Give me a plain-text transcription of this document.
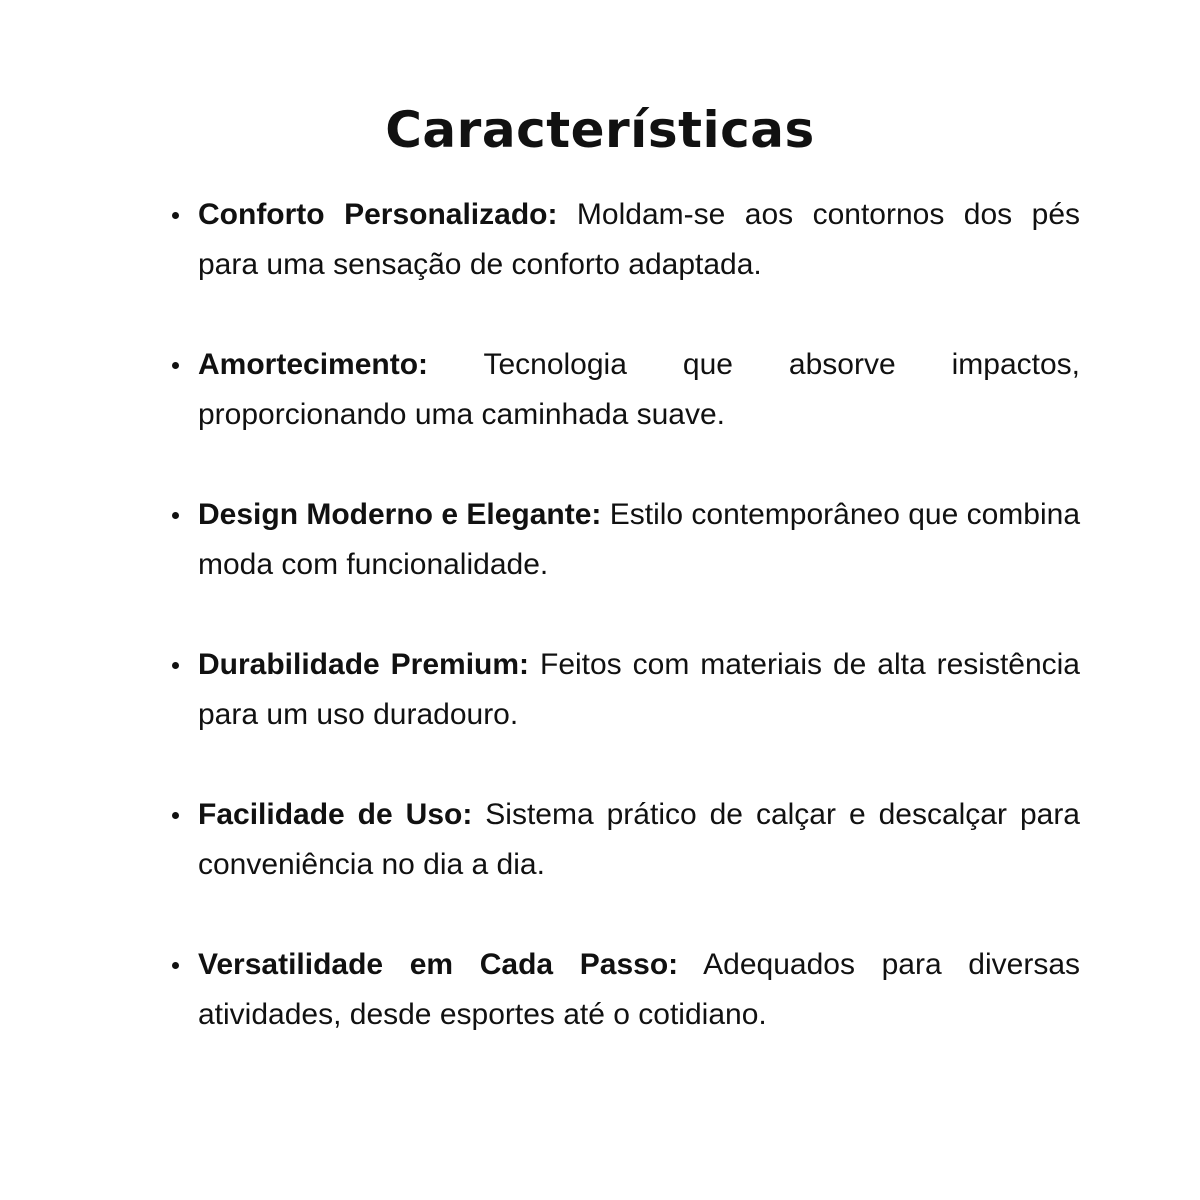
Características
Conforto Personalizado: Moldam-se aos contornos dos pés para uma sensação de conforto adaptada.
Amortecimento: Tecnologia que absorve impactos, proporcionando uma caminhada suave.
Design Moderno e Elegante: Estilo contemporâneo que combina moda com funcionalidade.
Durabilidade Premium: Feitos com materiais de alta resistência para um uso duradouro.
Facilidade de Uso: Sistema prático de calçar e descalçar para conveniência no dia a dia.
Versatilidade em Cada Passo: Adequados para diversas atividades, desde esportes até o cotidiano.
